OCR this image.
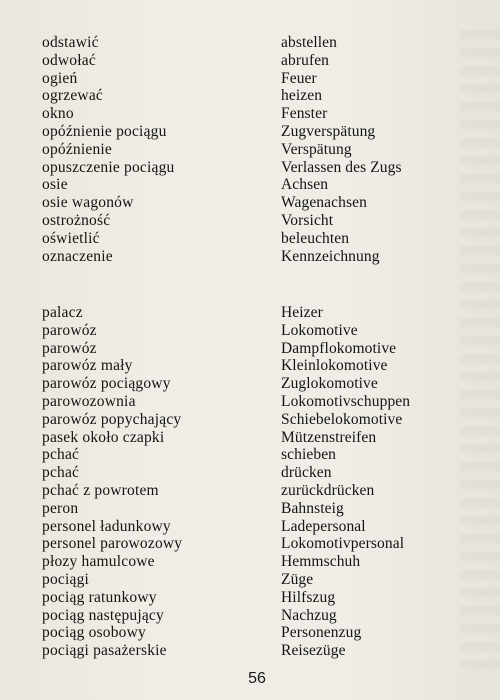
odstawić	abstellen
odwołać	abrufen
ogień	Feuer
ogrzewać	heizen
okno	Fenster
opóźnienie pociągu	Zugverspätung
opóźnienie	Verspätung
opuszczenie pociągu	Verlassen des Zugs
osie	Achsen
osie wagonów	Wagenachsen
ostrożność	Vorsicht
oświetlić	beleuchten
oznaczenie	Kennzeichnung
palacz	Heizer
parowóz	Lokomotive
parowóz	Dampflokomotive
parowóz mały	Kleinlokomotive
parowóz pociągowy	Zuglokomotive
parowozownia	Lokomotivschuppen
parowóz popychający	Schiebelokomotive
pasek około czapki	Mützenstreifen
pchać	schieben
pchać	drücken
pchać z powrotem	zurückdrücken
peron	Bahnsteig
personel ładunkowy	Ladepersonal
personel parowozowy	Lokomotivpersonal
płozy hamulcowe	Hemmschuh
pociągi	Züge
pociąg ratunkowy	Hilfszug
pociąg następujący	Nachzug
pociąg osobowy	Personenzug
pociągi pasażerskie	Reisezüge
56
